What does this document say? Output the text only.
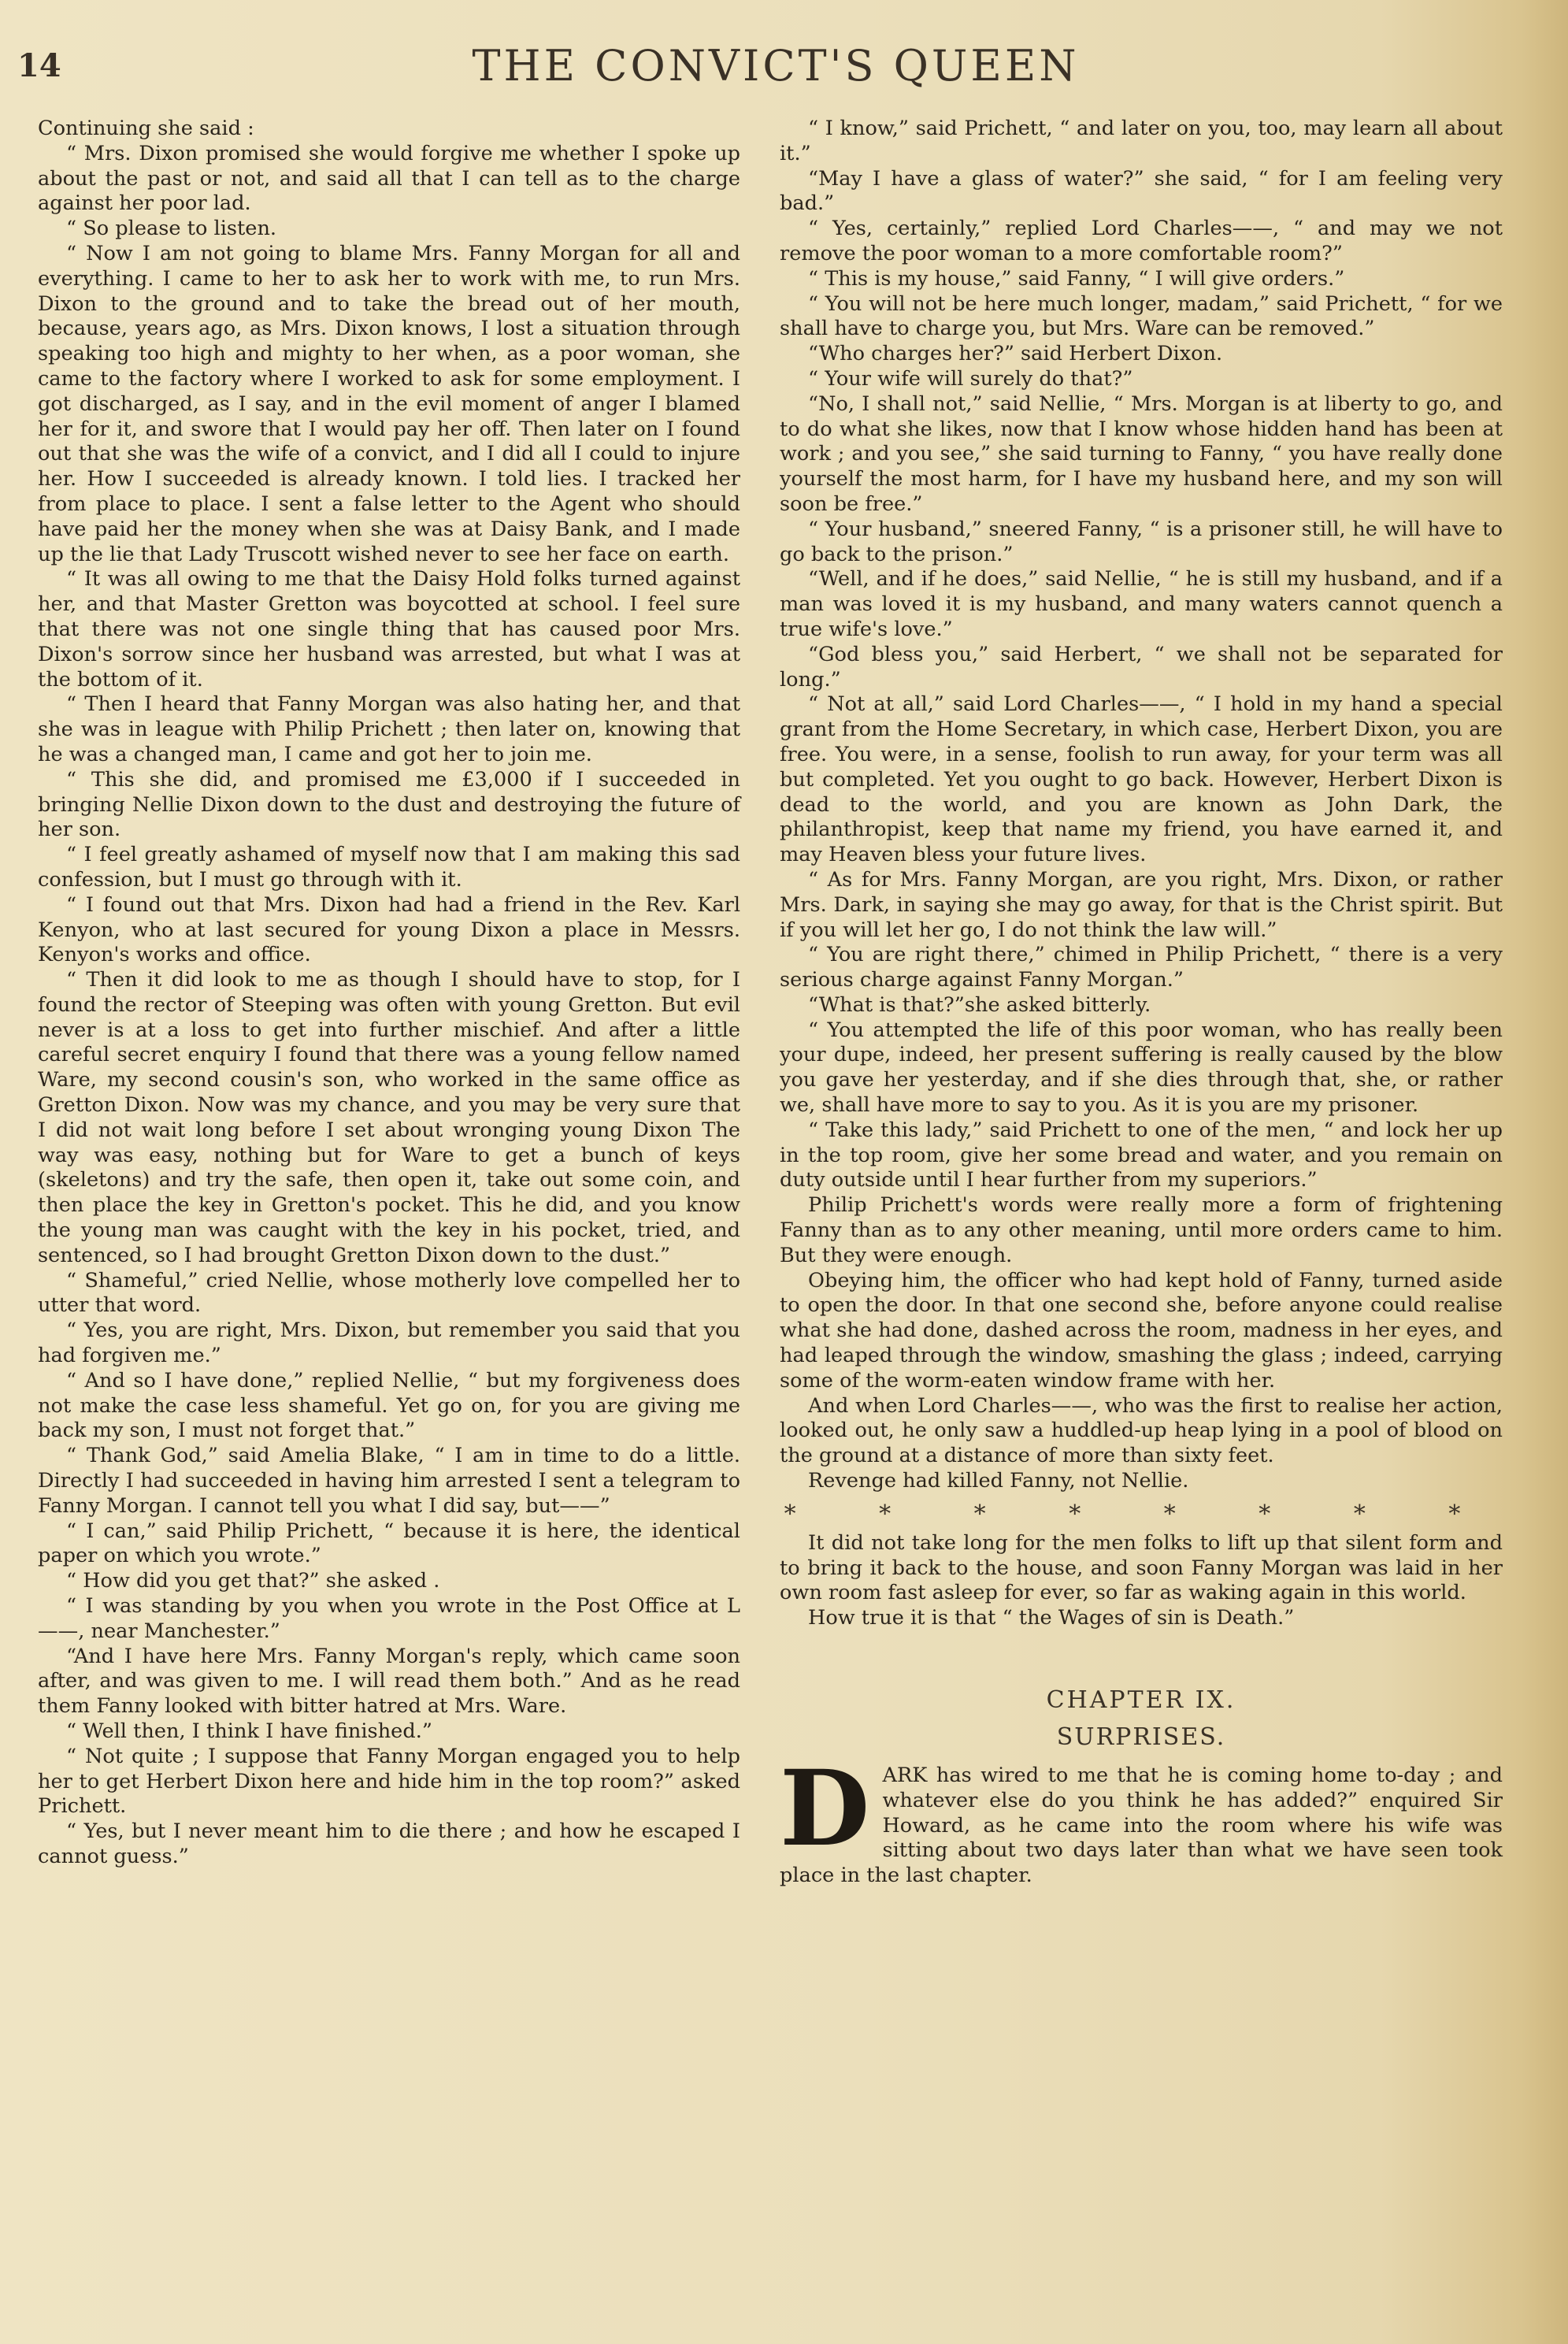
14	THE CONVICT'S QUEEN

Continuing she said :

“ Mrs. Dixon promised she would forgive me whether I spoke up about the past or not, and said all that I can tell as to the charge against her poor lad.

“ So please to listen.

“ Now I am not going to blame Mrs. Fanny Morgan for all and everything. I came to her to ask her to work with me, to run Mrs. Dixon to the ground and to take the bread out of her mouth, because, years ago, as Mrs. Dixon knows, I lost a situation through speaking too high and mighty to her when, as a poor woman, she came to the factory where I worked to ask for some employment. I got discharged, as I say, and in the evil moment of anger I blamed her for it, and swore that I would pay her off. Then later on I found out that she was the wife of a convict, and I did all I could to injure her. How I succeeded is already known. I told lies. I tracked her from place to place. I sent a false letter to the Agent who should have paid her the money when she was at Daisy Bank, and I made up the lie that Lady Truscott wished never to see her face on earth.

“ It was all owing to me that the Daisy Hold folks turned against her, and that Master Gretton was boycotted at school. I feel sure that there was not one single thing that has caused poor Mrs. Dixon's sorrow since her husband was arrested, but what I was at the bottom of it.

“ Then I heard that Fanny Morgan was also hating her, and that she was in league with Philip Prichett ; then later on, knowing that he was a changed man, I came and got her to join me.

“ This she did, and promised me £3,000 if I succeeded in bringing Nellie Dixon down to the dust and destroying the future of her son.

“ I feel greatly ashamed of myself now that I am making this sad confession, but I must go through with it.

“ I found out that Mrs. Dixon had had a friend in the Rev. Karl Kenyon, who at last secured for young Dixon a place in Messrs. Kenyon's works and office.

“ Then it did look to me as though I should have to stop, for I found the rector of Steeping was often with young Gretton. But evil never is at a loss to get into further mischief. And after a little careful secret enquiry I found that there was a young fellow named Ware, my second cousin's son, who worked in the same office as Gretton Dixon. Now was my chance, and you may be very sure that I did not wait long before I set about wronging young Dixon The way was easy, nothing but for Ware to get a bunch of keys (skeletons) and try the safe, then open it, take out some coin, and then place the key in Gretton's pocket. This he did, and you know the young man was caught with the key in his pocket, tried, and sentenced, so I had brought Gretton Dixon down to the dust.”

“ Shameful,” cried Nellie, whose motherly love compelled her to utter that word.

“ Yes, you are right, Mrs. Dixon, but remember you said that you had forgiven me.”

“ And so I have done,” replied Nellie, “ but my forgiveness does not make the case less shameful. Yet go on, for you are giving me back my son, I must not forget that.”

“ Thank God,” said Amelia Blake, “ I am in time to do a little. Directly I had succeeded in having him arrested I sent a telegram to Fanny Morgan. I cannot tell you what I did say, but——”

“ I can,” said Philip Prichett, “ because it is here, the identical paper on which you wrote.”

“ How did you get that?” she asked .

“ I was standing by you when you wrote in the Post Office at L——, near Manchester.”

“And I have here Mrs. Fanny Morgan's reply, which came soon after, and was given to me. I will read them both.” And as he read them Fanny looked with bitter hatred at Mrs. Ware.

“ Well then, I think I have finished.”

“ Not quite ; I suppose that Fanny Morgan engaged you to help her to get Herbert Dixon here and hide him in the top room?” asked Prichett.

“ Yes, but I never meant him to die there ; and how he escaped I cannot guess.”

“ I know,” said Prichett, “ and later on you, too, may learn all about it.”

“May I have a glass of water?” she said, “ for I am feeling very bad.”

“ Yes, certainly,” replied Lord Charles——, “ and may we not remove the poor woman to a more comfortable room?”

“ This is my house,” said Fanny, “ I will give orders.”

“ You will not be here much longer, madam,” said Prichett, “ for we shall have to charge you, but Mrs. Ware can be removed.”

“Who charges her?” said Herbert Dixon.

“ Your wife will surely do that?”

“No, I shall not,” said Nellie, “ Mrs. Morgan is at liberty to go, and to do what she likes, now that I know whose hidden hand has been at work ; and you see,” she said turning to Fanny, “ you have really done yourself the most harm, for I have my husband here, and my son will soon be free.”

“ Your husband,” sneered Fanny, “ is a prisoner still, he will have to go back to the prison.”

“Well, and if he does,” said Nellie, “ he is still my husband, and if a man was loved it is my husband, and many waters cannot quench a true wife's love.”

“God bless you,” said Herbert, “ we shall not be separated for long.”

“ Not at all,” said Lord Charles——, “ I hold in my hand a special grant from the Home Secretary, in which case, Herbert Dixon, you are free. You were, in a sense, foolish to run away, for your term was all but completed. Yet you ought to go back. However, Herbert Dixon is dead to the world, and you are known as John Dark, the philanthropist, keep that name my friend, you have earned it, and may Heaven bless your future lives.

“ As for Mrs. Fanny Morgan, are you right, Mrs. Dixon, or rather Mrs. Dark, in saying she may go away, for that is the Christ spirit. But if you will let her go, I do not think the law will.”

“ You are right there,” chimed in Philip Prichett, “ there is a very serious charge against Fanny Morgan.”

“What is that?”she asked bitterly.

“ You attempted the life of this poor woman, who has really been your dupe, indeed, her present suffering is really caused by the blow you gave her yesterday, and if she dies through that, she, or rather we, shall have more to say to you. As it is you are my prisoner.

“ Take this lady,” said Prichett to one of the men, “ and lock her up in the top room, give her some bread and water, and you remain on duty outside until I hear further from my superiors.”

Philip Prichett's words were really more a form of frightening Fanny than as to any other meaning, until more orders came to him. But they were enough.

Obeying him, the officer who had kept hold of Fanny, turned aside to open the door. In that one second she, before anyone could realise what she had done, dashed across the room, madness in her eyes, and had leaped through the window, smashing the glass ; indeed, carrying some of the worm-eaten window frame with her.

And when Lord Charles——, who was the first to realise her action, looked out, he only saw a huddled-up heap lying in a pool of blood on the ground at a distance of more than sixty feet.

Revenge had killed Fanny, not Nellie.

* * * * * * * *

It did not take long for the men folks to lift up that silent form and to bring it back to the house, and soon Fanny Morgan was laid in her own room fast asleep for ever, so far as waking again in this world.

How true it is that “ the Wages of sin is Death.”

CHAPTER IX.
SURPRISES.

DARK has wired to me that he is coming home to-day ; and whatever else do you think he has added?” enquired Sir Howard, as he came into the room where his wife was sitting about two days later than what we have seen took place in the last chapter.
